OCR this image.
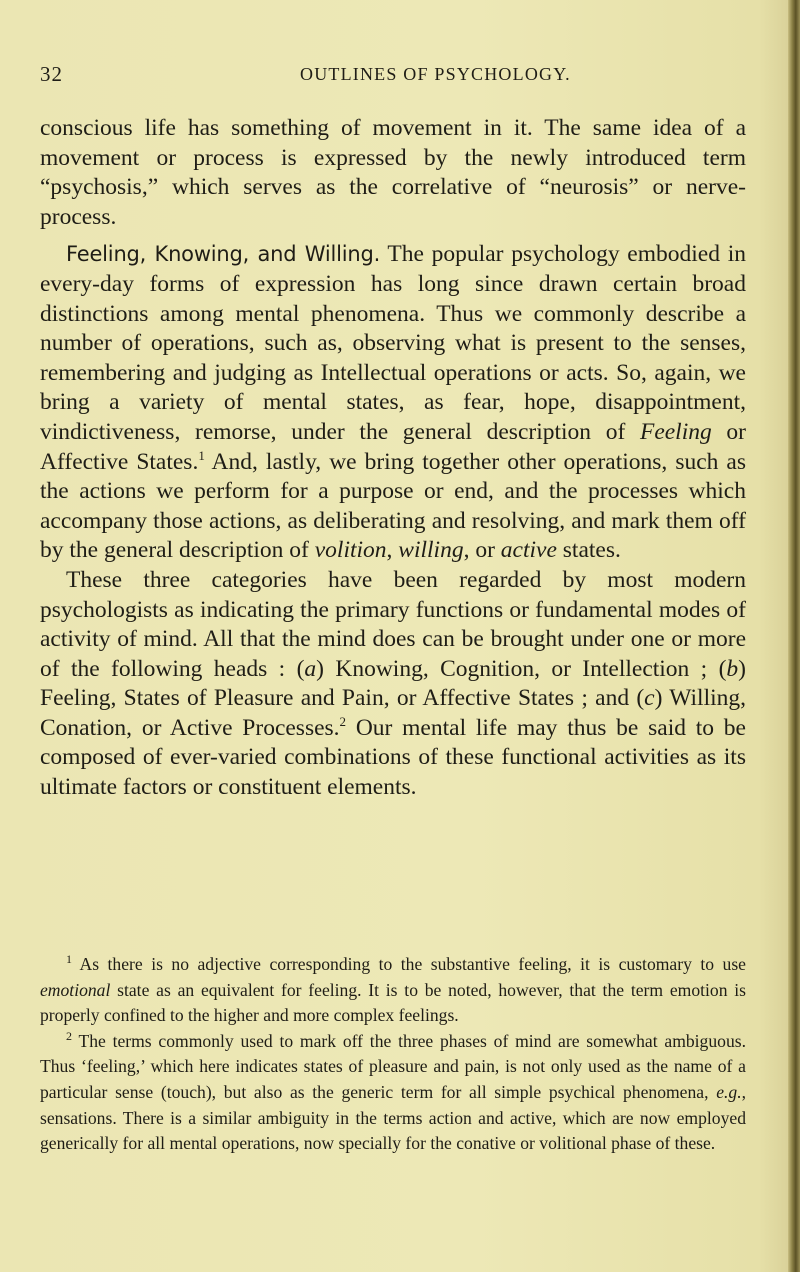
32	OUTLINES OF PSYCHOLOGY.

conscious life has something of movement in it. The same idea of a movement or process is expressed by the newly introduced term “psychosis,” which serves as the correlative of “neurosis” or nerve-process.

Feeling, Knowing, and Willing. The popular psychology embodied in every-day forms of expression has long since drawn certain broad distinctions among mental phenomena. Thus we commonly describe a number of operations, such as, observing what is present to the senses, remembering and judging as Intellectual operations or acts. So, again, we bring a variety of mental states, as fear, hope, disappointment, vindictiveness, remorse, under the general description of Feeling or Affective States.$^1$ And, lastly, we bring together other operations, such as the actions we perform for a purpose or end, and the processes which accompany those actions, as deliberating and resolving, and mark them off by the general description of volition, willing, or active states.

These three categories have been regarded by most modern psychologists as indicating the primary functions or fundamental modes of activity of mind. All that the mind does can be brought under one or more of the following heads : (a) Knowing, Cognition, or Intellection ; (b) Feeling, States of Pleasure and Pain, or Affective States ; and (c) Willing, Conation, or Active Processes.$^2$ Our mental life may thus be said to be composed of ever-varied combinations of these functional activities as its ultimate factors or constituent elements.

$^1$ As there is no adjective corresponding to the substantive feeling, it is customary to use emotional state as an equivalent for feeling. It is to be noted, however, that the term emotion is properly confined to the higher and more complex feelings.

$^2$ The terms commonly used to mark off the three phases of mind are somewhat ambiguous. Thus ‘feeling,’ which here indicates states of pleasure and pain, is not only used as the name of a particular sense (touch), but also as the generic term for all simple psychical phenomena, e.g., sensations. There is a similar ambiguity in the terms action and active, which are now employed generically for all mental operations, now specially for the conative or volitional phase of these.
